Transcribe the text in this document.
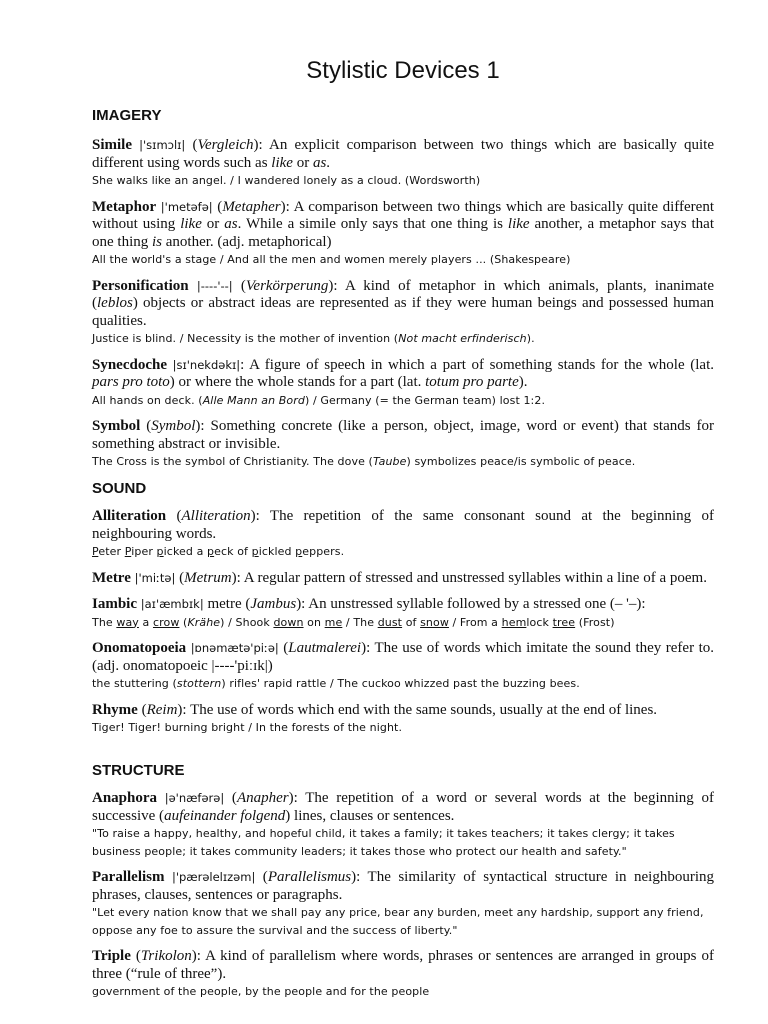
Stylistic Devices 1
IMAGERY

Simile |'sɪmɔlɪ| (Vergleich): An explicit comparison between two things which are basically quite different using words such as like or as.

She walks like an angel. / I wandered lonely as a cloud. (Wordsworth)

Metaphor |'metəfə| (Metapher): A comparison between two things which are basically quite different without using like or as. While a simile only says that one thing is like another, a metaphor says that one thing is another. (adj. metaphorical)

All the world's a stage / And all the men and women merely players ... (Shakespeare)

Personification |----'--| (Verkörperung): A kind of metaphor in which animals, plants, inanimate (leblos) objects or abstract ideas are represented as if they were human beings and possessed human qualities.

Justice is blind. / Necessity is the mother of invention (Not macht erfinderisch).

Synecdoche |sɪ'nekdəkɪ|: A figure of speech in which a part of something stands for the whole (lat. pars pro toto) or where the whole stands for a part (lat. totum pro parte).

All hands on deck. (Alle Mann an Bord) / Germany (= the German team) lost 1:2.

Symbol (Symbol): Something concrete (like a person, object, image, word or event) that stands for something abstract or invisible.

The Cross is the symbol of Christianity. The dove (Taube) symbolizes peace/is symbolic of peace.

SOUND

Alliteration (Alliteration): The repetition of the same consonant sound at the beginning of neighbouring words.

Peter Piper picked a peck of pickled peppers.

Metre |'miːtə| (Metrum): A regular pattern of stressed and unstressed syllables within a line of a poem.

Iambic |aɪ'æmbɪk| metre (Jambus): An unstressed syllable followed by a stressed one (– '–):

The way a crow (Krähe) / Shook down on me / The dust of snow / From a hemlock tree (Frost)

Onomatopoeia |ɒnəmætə'piːə| (Lautmalerei): The use of words which imitate the sound they refer to. (adj. onomatopoeic |----'piːɪk|)

the stuttering (stottern) rifles' rapid rattle / The cuckoo whizzed past the buzzing bees.

Rhyme (Reim): The use of words which end with the same sounds, usually at the end of lines.

Tiger! Tiger! burning bright / In the forests of the night.

STRUCTURE

Anaphora |ə'næfərə| (Anapher): The repetition of a word or several words at the beginning of successive (aufeinander folgend) lines, clauses or sentences.

"To raise a happy, healthy, and hopeful child, it takes a family; it takes teachers; it takes clergy; it takes business people; it takes community leaders; it takes those who protect our health and safety."

Parallelism |'pærəlelɪzəm| (Parallelismus): The similarity of syntactical structure in neighbouring phrases, clauses, sentences or paragraphs.

"Let every nation know that we shall pay any price, bear any burden, meet any hardship, support any friend, oppose any foe to assure the survival and the success of liberty."

Triple (Trikolon): A kind of parallelism where words, phrases or sentences are arranged in groups of three (“rule of three”).

government of the people, by the people and for the people
